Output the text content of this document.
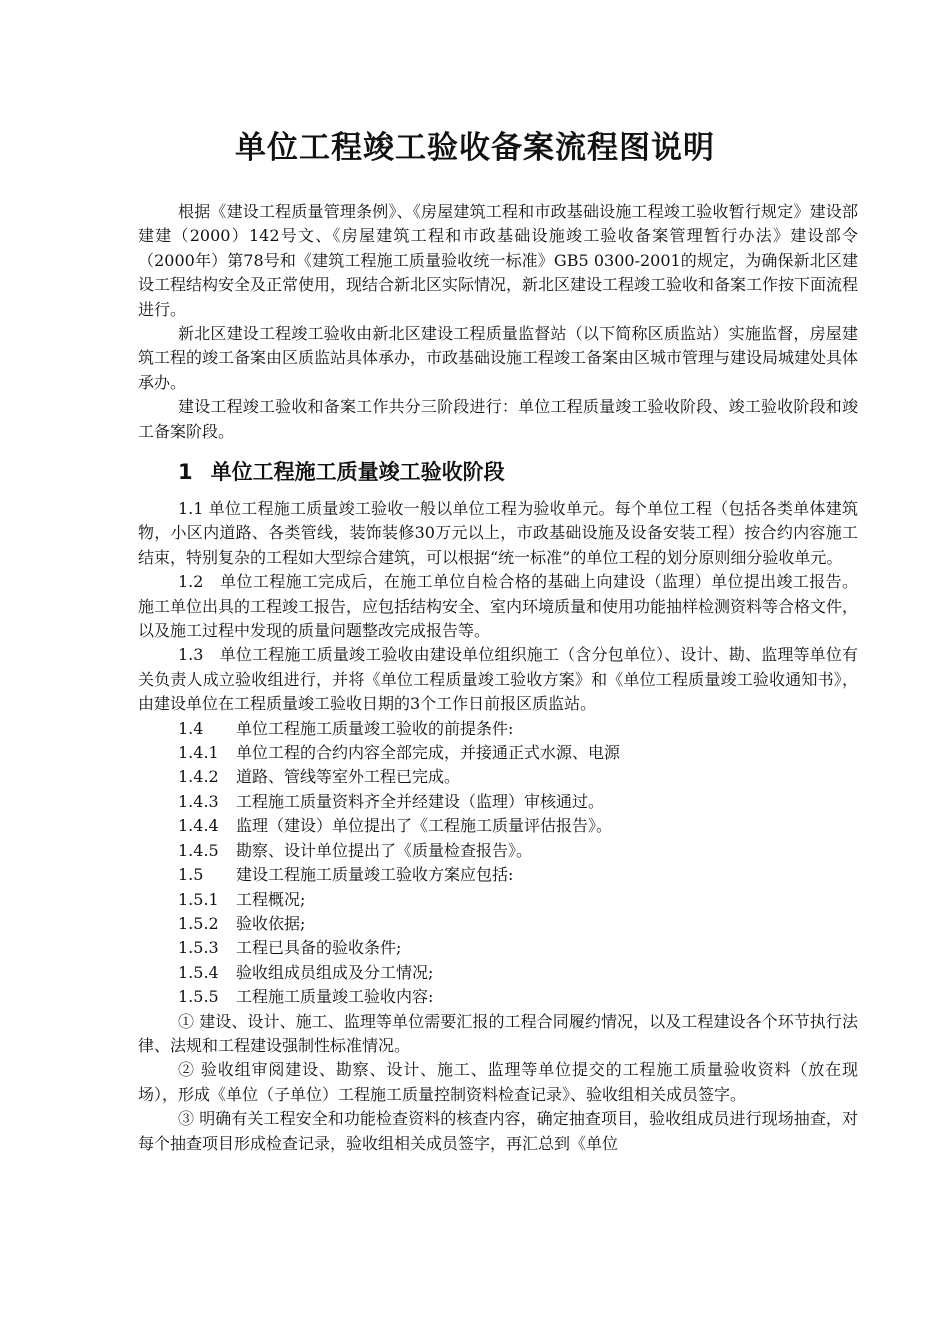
单位工程竣工验收备案流程图说明

根据《建设工程质量管理条例》、《房屋建筑工程和市政基础设施工程竣工验收暂行规定》建设部建建（2000）142号文、《房屋建筑工程和市政基础设施竣工验收备案管理暂行办法》建设部令（2000年）第78号和《建筑工程施工质量验收统一标准》GB5 0300-2001的规定，为确保新北区建设工程结构安全及正常使用，现结合新北区实际情况，新北区建设工程竣工验收和备案工作按下面流程进行。

新北区建设工程竣工验收由新北区建设工程质量监督站（以下简称区质监站）实施监督，房屋建筑工程的竣工备案由区质监站具体承办，市政基础设施工程竣工备案由区城市管理与建设局城建处具体承办。

建设工程竣工验收和备案工作共分三阶段进行：单位工程质量竣工验收阶段、竣工验收阶段和竣工备案阶段。

1 单位工程施工质量竣工验收阶段

1.1 单位工程施工质量竣工验收一般以单位工程为验收单元。每个单位工程（包括各类单体建筑物，小区内道路、各类管线，装饰装修30万元以上，市政基础设施及设备安装工程）按合约内容施工结束，特别复杂的工程如大型综合建筑，可以根据“统一标准”的单位工程的划分原则细分验收单元。

1.2　单位工程施工完成后，在施工单位自检合格的基础上向建设（监理）单位提出竣工报告。施工单位出具的工程竣工报告，应包括结构安全、室内环境质量和使用功能抽样检测资料等合格文件，以及施工过程中发现的质量问题整改完成报告等。

1.3　单位工程施工质量竣工验收由建设单位组织施工（含分包单位）、设计、勘、监理等单位有关负责人成立验收组进行，并将《单位工程质量竣工验收方案》和《单位工程质量竣工验收通知书》，由建设单位在工程质量竣工验收日期的3个工作日前报区质监站。

1.4 单位工程施工质量竣工验收的前提条件:

1.4.1 单位工程的合约内容全部完成，并接通正式水源、电源

1.4.2 道路、管线等室外工程已完成。

1.4.3 工程施工质量资料齐全并经建设（监理）审核通过。

1.4.4 监理（建设）单位提出了《工程施工质量评估报告》。

1.4.5 勘察、设计单位提出了《质量检查报告》。

1.5 建设工程施工质量竣工验收方案应包括:

1.5.1 工程概况;

1.5.2 验收依据;

1.5.3 工程已具备的验收条件;

1.5.4 验收组成员组成及分工情况;

1.5.5 工程施工质量竣工验收内容:

① 建设、设计、施工、监理等单位需要汇报的工程合同履约情况，以及工程建设各个环节执行法律、法规和工程建设强制性标准情况。

② 验收组审阅建设、勘察、设计、施工、监理等单位提交的工程施工质量验收资料（放在现场），形成《单位（子单位）工程施工质量控制资料检查记录》、验收组相关成员签字。

③ 明确有关工程安全和功能检查资料的核查内容，确定抽查项目，验收组成员进行现场抽查，对每个抽查项目形成检查记录，验收组相关成员签字，再汇总到《单位
